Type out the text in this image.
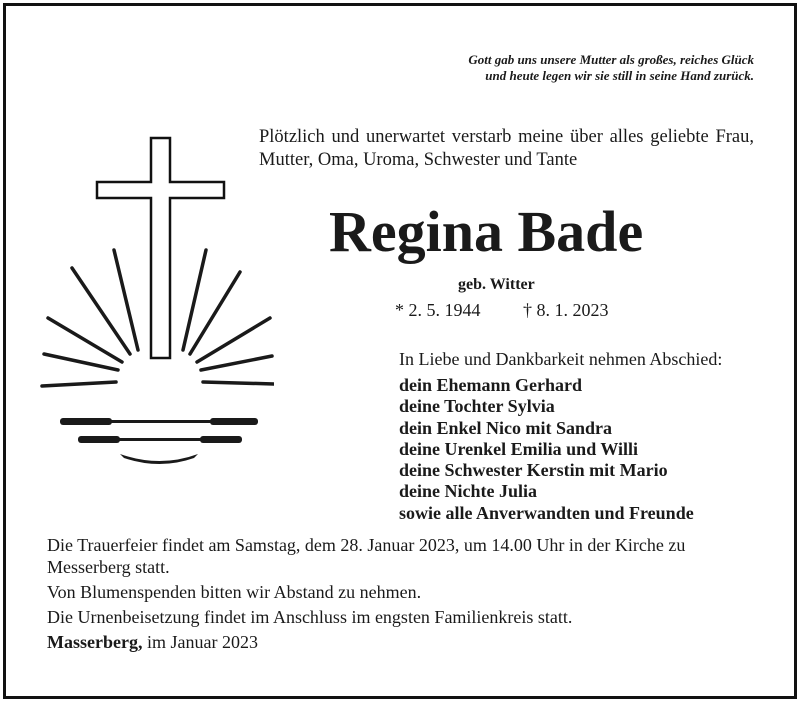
Gott gab uns unsere Mutter als großes, reiches Glück
und heute legen wir sie still in seine Hand zurück.
Plötzlich und unerwartet verstarb meine über alles geliebte Frau, Mutter, Oma, Uroma, Schwester und Tante
Regina Bade
geb. Witter
* 2. 5. 1944 † 8. 1. 2023
In Liebe und Dankbarkeit nehmen Abschied:
dein Ehemann Gerhard
deine Tochter Sylvia
dein Enkel Nico mit Sandra
deine Urenkel Emilia und Willi
deine Schwester Kerstin mit Mario
deine Nichte Julia
sowie alle Anverwandten und Freunde

Die Trauerfeier findet am Samstag, dem 28. Januar 2023, um 14.00 Uhr in der Kirche zu Messerberg statt.

Von Blumenspenden bitten wir Abstand zu nehmen.

Die Urnenbeisetzung findet im Anschluss im engsten Familienkreis statt.

Masserberg, im Januar 2023
